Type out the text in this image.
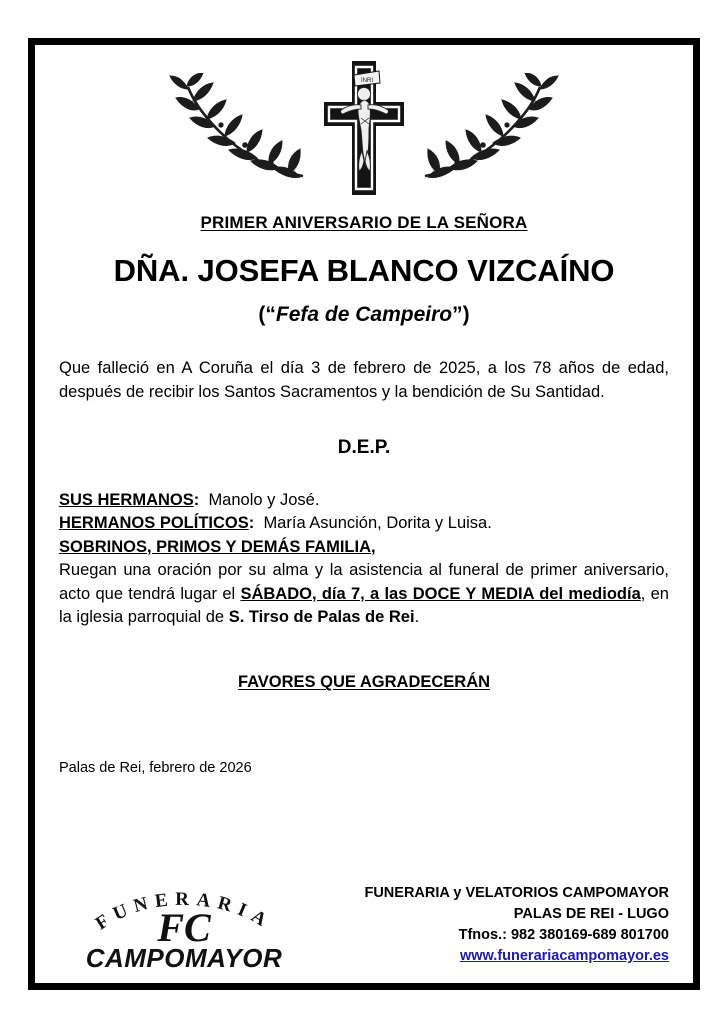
INRI
PRIMER ANIVERSARIO DE LA SEÑORA
DÑA. JOSEFA BLANCO VIZCAÍNO
(“Fefa de Campeiro”)
Que falleció en A Coruña el día 3 de febrero de 2025, a los 78 años de edad, después de recibir los Santos Sacramentos y la bendición de Su Santidad.
D.E.P.
SUS HERMANOS: Manolo y José.
HERMANOS POLÍTICOS: María Asunción, Dorita y Luisa.
SOBRINOS, PRIMOS Y DEMÁS FAMILIA,
Ruegan una oración por su alma y la asistencia al funeral de primer aniversario, acto que tendrá lugar el SÁBADO, día 7, a las DOCE Y MEDIA del mediodía, en la iglesia parroquial de S. Tirso de Palas de Rei.
FAVORES QUE AGRADECERÁN
Palas de Rei, febrero de 2026
FUNERARIA
FC
CAMPOMAYOR
FUNERARIA y VELATORIOS CAMPOMAYOR
PALAS DE REI - LUGO
Tfnos.: 982 380169-689 801700
www.funerariacampomayor.es
